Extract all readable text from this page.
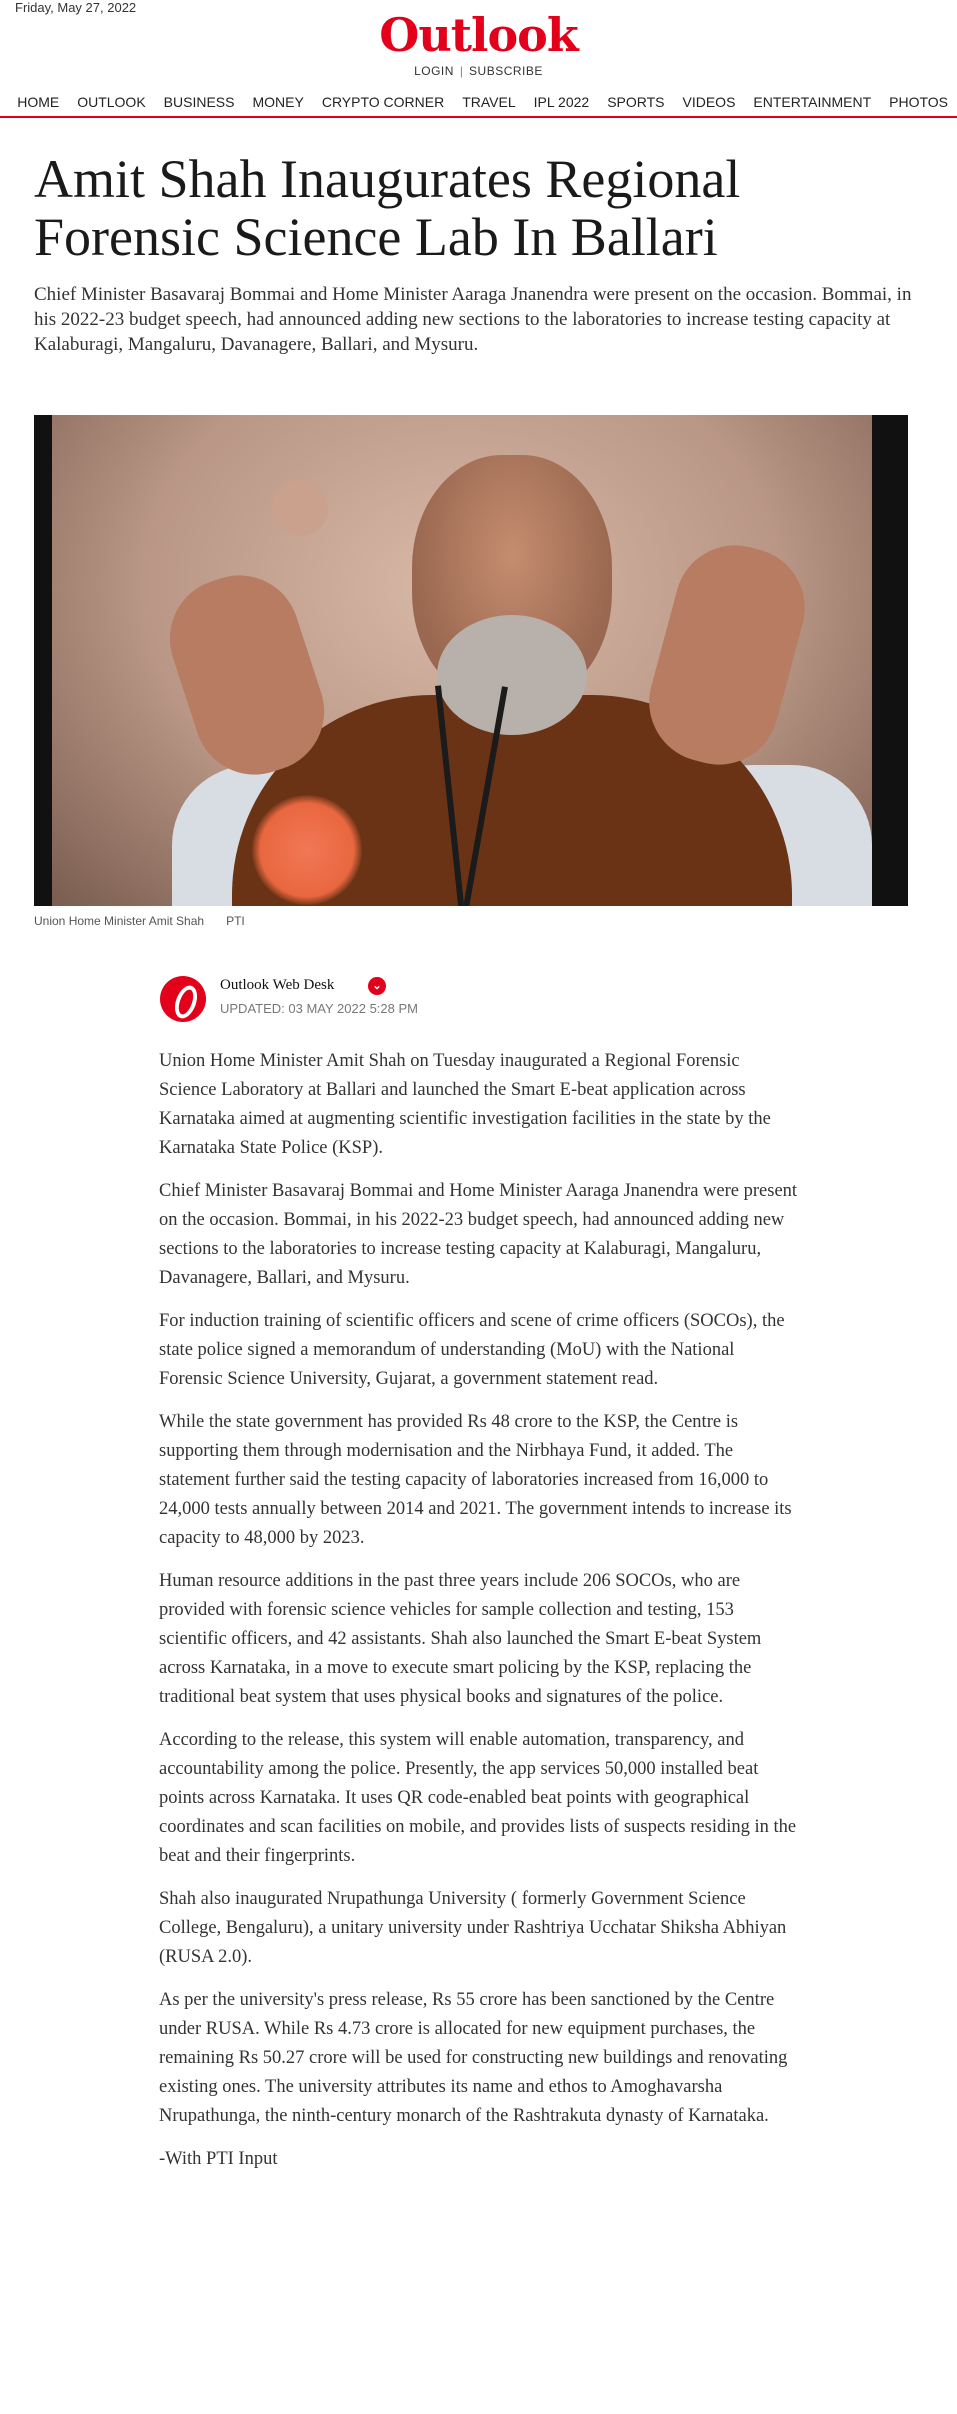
Friday, May 27, 2022
Outlook
LOGIN | SUBSCRIBE
HOME	OUTLOOK	BUSINESS	MONEY	CRYPTO CORNER	TRAVEL	IPL 2022	SPORTS	VIDEOS	ENTERTAINMENT	PHOTOS
Amit Shah Inaugurates Regional Forensic Science Lab In Ballari

Chief Minister Basavaraj Bommai and Home Minister Aaraga Jnanendra were present on the occasion. Bommai, in his 2022-23 budget speech, had announced adding new sections to the laboratories to increase testing capacity at Kalaburagi, Mangaluru, Davanagere, Ballari, and Mysuru.

Union Home Minister Amit Shah PTI
Outlook Web Desk	⌄
UPDATED: 03 MAY 2022 5:28 PM

Union Home Minister Amit Shah on Tuesday inaugurated a Regional Forensic Science Laboratory at Ballari and launched the Smart E-beat application across Karnataka aimed at augmenting scientific investigation facilities in the state by the Karnataka State Police (KSP).

Chief Minister Basavaraj Bommai and Home Minister Aaraga Jnanendra were present on the occasion. Bommai, in his 2022-23 budget speech, had announced adding new sections to the laboratories to increase testing capacity at Kalaburagi, Mangaluru, Davanagere, Ballari, and Mysuru.

For induction training of scientific officers and scene of crime officers (SOCOs), the state police signed a memorandum of understanding (MoU) with the National Forensic Science University, Gujarat, a government statement read.

While the state government has provided Rs 48 crore to the KSP, the Centre is supporting them through modernisation and the Nirbhaya Fund, it added. The statement further said the testing capacity of laboratories increased from 16,000 to 24,000 tests annually between 2014 and 2021. The government intends to increase its capacity to 48,000 by 2023.

Human resource additions in the past three years include 206 SOCOs, who are provided with forensic science vehicles for sample collection and testing, 153 scientific officers, and 42 assistants. Shah also launched the Smart E-beat System across Karnataka, in a move to execute smart policing by the KSP, replacing the traditional beat system that uses physical books and signatures of the police.

According to the release, this system will enable automation, transparency, and accountability among the police. Presently, the app services 50,000 installed beat points across Karnataka. It uses QR code-enabled beat points with geographical coordinates and scan facilities on mobile, and provides lists of suspects residing in the beat and their fingerprints.

Shah also inaugurated Nrupathunga University ( formerly Government Science College, Bengaluru), a unitary university under Rashtriya Ucchatar Shiksha Abhiyan (RUSA 2.0).

As per the university's press release, Rs 55 crore has been sanctioned by the Centre under RUSA. While Rs 4.73 crore is allocated for new equipment purchases, the remaining Rs 50.27 crore will be used for constructing new buildings and renovating existing ones. The university attributes its name and ethos to Amoghavarsha Nrupathunga, the ninth-century monarch of the Rashtrakuta dynasty of Karnataka.

-With PTI Input
